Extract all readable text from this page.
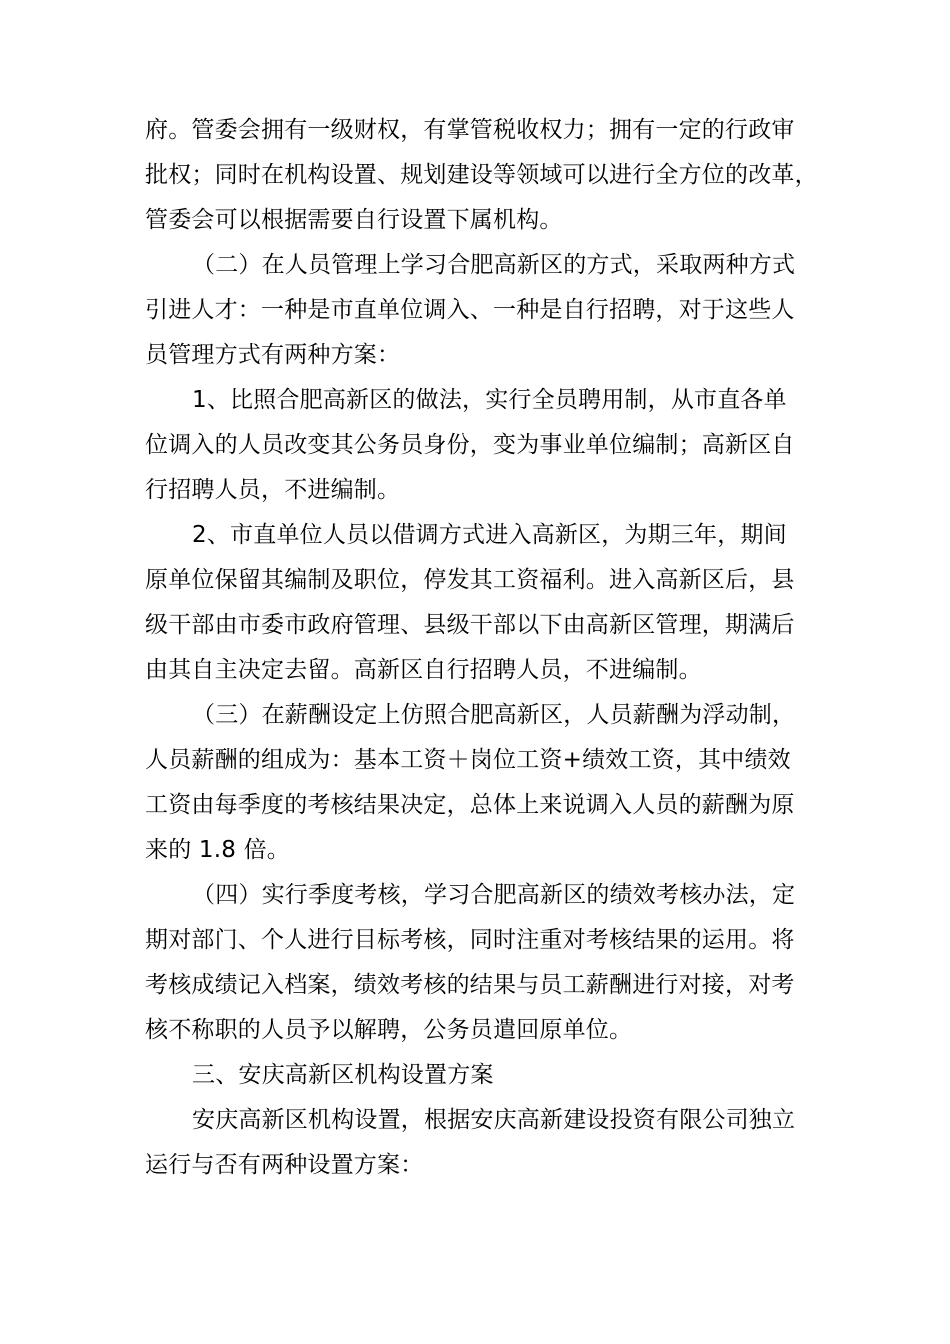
府。管委会拥有一级财权，有掌管税收权力；拥有一定的行政审
批权；同时在机构设置、规划建设等领域可以进行全方位的改革，
管委会可以根据需要自行设置下属机构。
（二）在人员管理上学习合肥高新区的方式，采取两种方式
引进人才：一种是市直单位调入、一种是自行招聘，对于这些人
员管理方式有两种方案：
1、比照合肥高新区的做法，实行全员聘用制，从市直各单
位调入的人员改变其公务员身份，变为事业单位编制；高新区自
行招聘人员，不进编制。
2、市直单位人员以借调方式进入高新区，为期三年，期间
原单位保留其编制及职位，停发其工资福利。进入高新区后，县
级干部由市委市政府管理、县级干部以下由高新区管理，期满后
由其自主决定去留。高新区自行招聘人员，不进编制。
（三）在薪酬设定上仿照合肥高新区，人员薪酬为浮动制，
人员薪酬的组成为：基本工资＋岗位工资+绩效工资，其中绩效
工资由每季度的考核结果决定，总体上来说调入人员的薪酬为原
来的 1.8 倍。
（四）实行季度考核，学习合肥高新区的绩效考核办法，定
期对部门、个人进行目标考核，同时注重对考核结果的运用。将
考核成绩记入档案，绩效考核的结果与员工薪酬进行对接，对考
核不称职的人员予以解聘，公务员遣回原单位。
三、安庆高新区机构设置方案
安庆高新区机构设置，根据安庆高新建设投资有限公司独立
运行与否有两种设置方案：
